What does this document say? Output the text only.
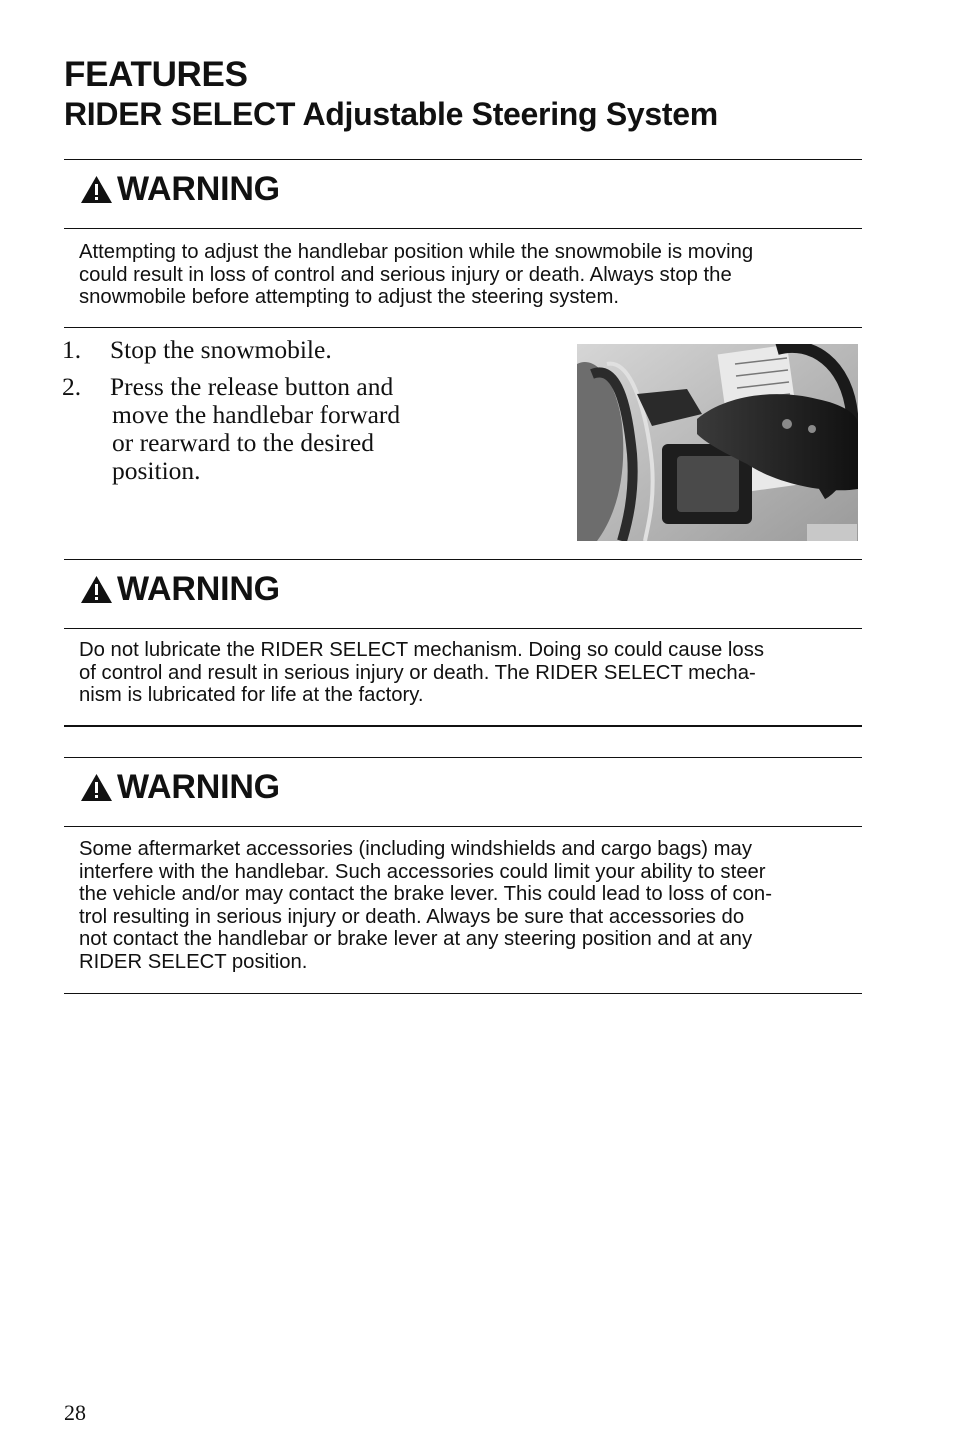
FEATURES
RIDER SELECT Adjustable Steering System
WARNING
Attempting to adjust the handlebar position while the snowmobile is moving
could result in loss of control and serious injury or death. Always stop the
snowmobile before attempting to adjust the steering system.
1. Stop the snowmobile.
2. Press the release button and
move the handlebar forward
or rearward to the desired
position.
WARNING
Do not lubricate the RIDER SELECT mechanism. Doing so could cause loss
of control and result in serious injury or death. The RIDER SELECT mecha-
nism is lubricated for life at the factory.
WARNING
Some aftermarket accessories (including windshields and cargo bags) may
interfere with the handlebar. Such accessories could limit your ability to steer
the vehicle and/or may contact the brake lever. This could lead to loss of con-
trol resulting in serious injury or death. Always be sure that accessories do
not contact the handlebar or brake lever at any steering position and at any
RIDER SELECT position.
28
